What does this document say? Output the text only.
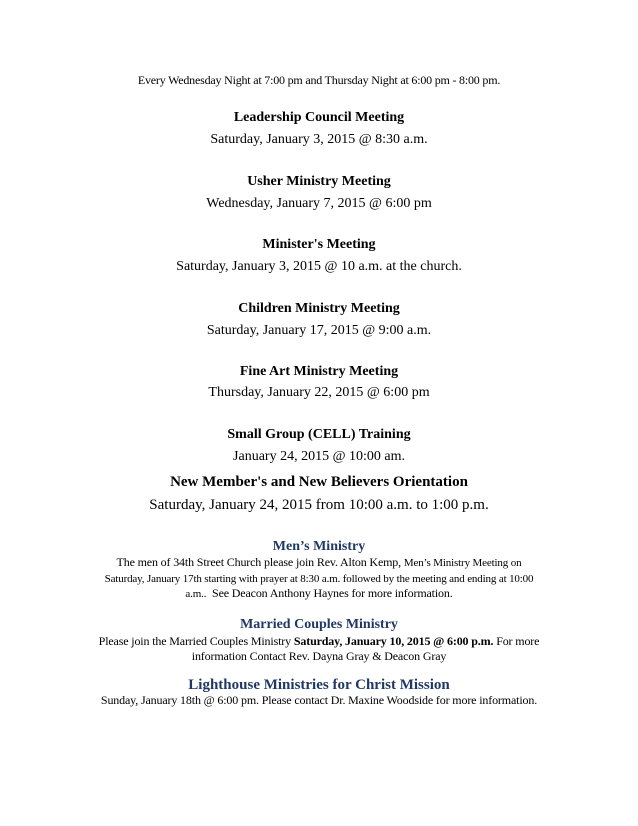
Every Wednesday Night at 7:00 pm and Thursday Night at 6:00 pm - 8:00 pm.

Leadership Council Meeting

Saturday, January 3, 2015 @ 8:30 a.m.

Usher Ministry Meeting

Wednesday, January 7, 2015 @ 6:00 pm

Minister's Meeting

Saturday, January 3, 2015 @ 10 a.m. at the church.

Children Ministry Meeting

Saturday, January 17, 2015 @ 9:00 a.m.

Fine Art Ministry Meeting

Thursday, January 22, 2015 @ 6:00 pm

Small Group (CELL) Training

January 24, 2015 @ 10:00 am.

New Member's and New Believers Orientation

Saturday, January 24, 2015 from 10:00 a.m. to 1:00 p.m.

Men’s Ministry

The men of 34th Street Church please join Rev. Alton Kemp, Men’s Ministry Meeting on

Saturday, January 17th starting with prayer at 8:30 a.m. followed by the meeting and ending at 10:00

a.m.. See Deacon Anthony Haynes for more information.

Married Couples Ministry

Please join the Married Couples Ministry Saturday, January 10, 2015 @ 6:00 p.m. For more

information Contact Rev. Dayna Gray & Deacon Gray

Lighthouse Ministries for Christ Mission

Sunday, January 18th @ 6:00 pm. Please contact Dr. Maxine Woodside for more information.
